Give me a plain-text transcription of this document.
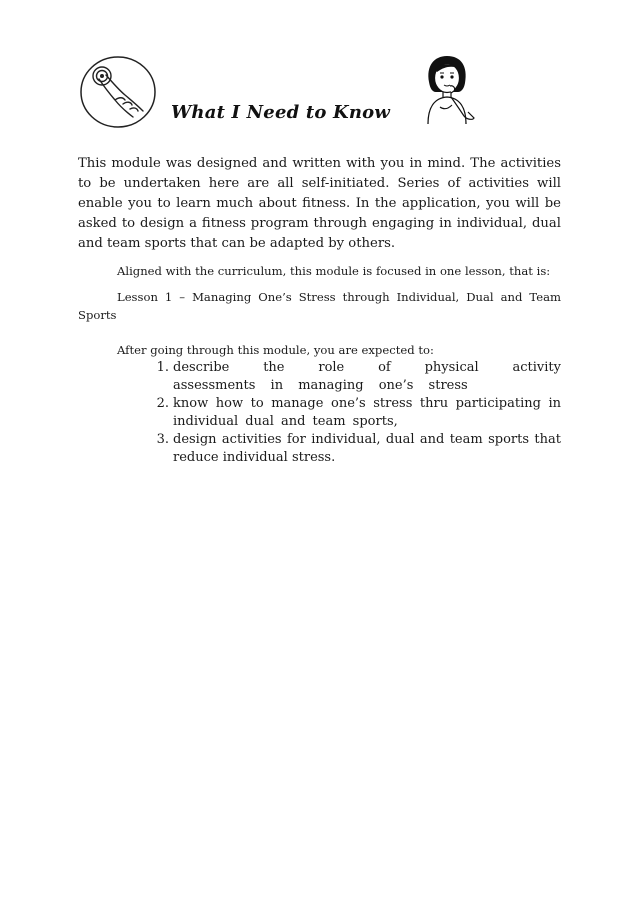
What I Need to Know

This module was designed and written with you in mind. The activities to be undertaken here are all self-initiated. Series of activities will enable you to learn much about fitness. In the application, you will be asked to design a fitness program through engaging in individual, dual and team sports that can be adapted by others.

Aligned with the curriculum, this module is focused in one lesson, that is:

Lesson 1 – Managing One’s Stress through Individual, Dual and Team Sports

After going through this module, you are expected to:

1. describe the role of physical activity assessments in managing one’s stress
2. know how to manage one’s stress thru participating in individual dual and team sports,
3. design activities for individual, dual and team sports that reduce individual stress.
